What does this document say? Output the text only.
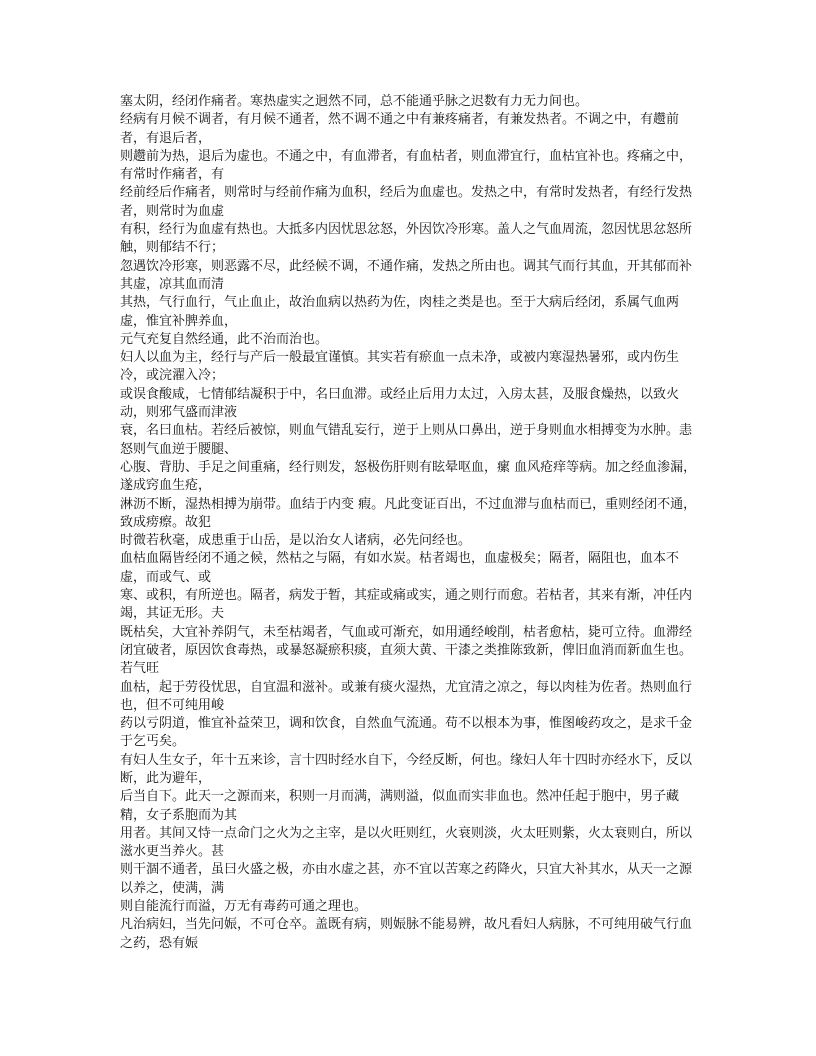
塞太阴，经闭作痛者。寒热虚实之迥然不同，总不能通乎脉之迟数有力无力间也。

经病有月候不调者，有月候不通者，然不调不通之中有兼疼痛者，有兼发热者。不调之中，有趱前者，有退后者，

则趱前为热，退后为虚也。不通之中，有血滞者，有血枯者，则血滞宜行，血枯宜补也。疼痛之中，有常时作痛者，有

经前经后作痛者，则常时与经前作痛为血积，经后为血虚也。发热之中，有常时发热者，有经行发热者，则常时为血虚

有积，经行为血虚有热也。大抵多内因忧思忿怒，外因饮冷形寒。盖人之气血周流，忽因忧思忿怒所触，则郁结不行；

忽遇饮冷形寒，则恶露不尽，此经候不调，不通作痛，发热之所由也。调其气而行其血，开其郁而补其虚，凉其血而清

其热，气行血行，气止血止，故治血病以热药为佐，肉桂之类是也。至于大病后经闭，系属气血两虚，惟宜补脾养血，

元气充复自然经通，此不治而治也。

妇人以血为主，经行与产后一般最宜谨慎。其实若有瘀血一点未净，或被内寒湿热暑邪，或内伤生冷，或浣濯入冷；

或误食酸咸，七情郁结凝积于中，名曰血滞。或经止后用力太过，入房太甚，及服食燥热，以致火动，则邪气盛而津液

衰，名曰血枯。若经后被惊，则血气错乱妄行，逆于上则从口鼻出，逆于身则血水相搏变为水肿。恚怒则气血逆于腰腿、

心腹、背肋、手足之间重痛，经行则发，怒极伤肝则有眩晕呕血，瘰 血风疮痒等病。加之经血渗漏，遂成窍血生疮，

淋沥不断，湿热相搏为崩带。血结于内变 瘕。凡此变证百出，不过血滞与血枯而已，重则经闭不通，致成痨瘵。故犯

时微若秋毫，成患重于山岳，是以治女人诸病，必先问经也。

血枯血隔皆经闭不通之候，然枯之与隔，有如水炭。枯者竭也，血虚极矣；隔者，隔阻也，血本不虚，而或气、或

寒、或积，有所逆也。隔者，病发于暂，其症或痛或实，通之则行而愈。若枯者，其来有渐，冲任内竭，其证无形。夫

既枯矣，大宜补养阴气，未至枯竭者，气血或可渐充，如用通经峻削，枯者愈枯，毙可立待。血滞经闭宜破者，原因饮食毒热，或暴怒凝瘀积痰，直须大黄、干漆之类推陈致新，俾旧血消而新血生也。若气旺

血枯，起于劳役忧思，自宜温和滋补。或兼有痰火湿热，尤宜清之凉之，每以肉桂为佐者。热则血行也，但不可纯用峻

药以亏阴道，惟宜补益荣卫，调和饮食，自然血气流通。苟不以根本为事，惟图峻药攻之，是求千金于乞丐矣。

有妇人生女子，年十五来诊，言十四时经水自下，今经反断，何也。缘妇人年十四时亦经水下，反以断，此为避年，

后当自下。此天一之源而来，积则一月而满，满则溢，似血而实非血也。然冲任起于胞中，男子藏精，女子系胞而为其

用者。其间又恃一点命门之火为之主宰，是以火旺则红，火衰则淡，火太旺则紫，火太衰则白，所以滋水更当养火。甚

则干涸不通者，虽曰火盛之极，亦由水虚之甚，亦不宜以苦寒之药降火，只宜大补其水，从天一之源以养之，使满，满

则自能流行而溢，万无有毒药可通之理也。

凡治病妇，当先问娠，不可仓卒。盖既有病，则娠脉不能易辨，故凡看妇人病脉，不可纯用破气行血之药，恐有娠
